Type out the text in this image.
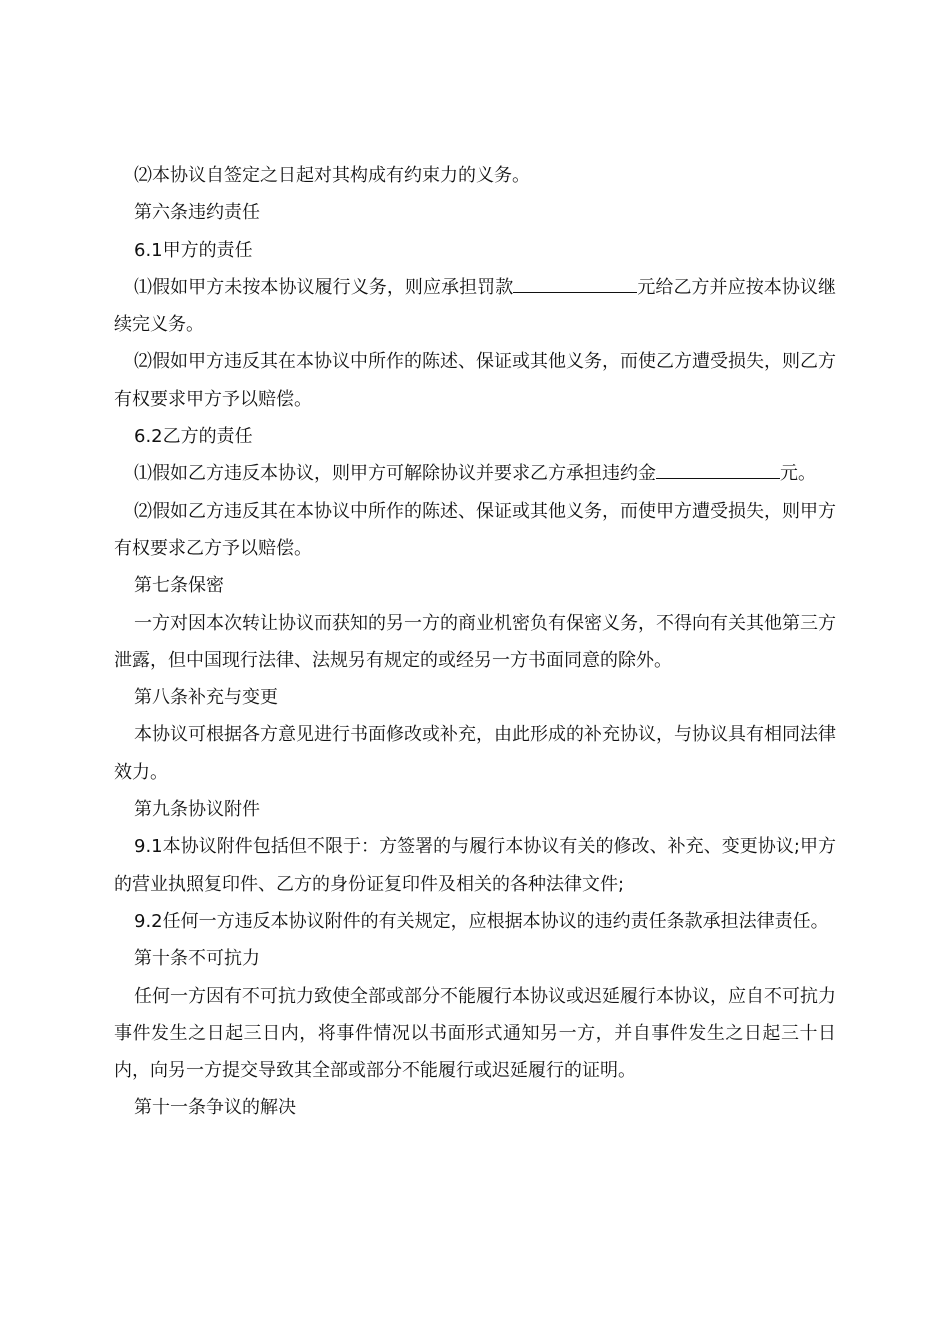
⑵本协议自签定之日起对其构成有约束力的义务。

第六条违约责任

6.1甲方的责任

⑴假如甲方未按本协议履行义务，则应承担罚款	元给乙方并应按本协议继续完义务。

⑵假如甲方违反其在本协议中所作的陈述、保证或其他义务，而使乙方遭受损失，则乙方有权要求甲方予以赔偿。

6.2乙方的责任

⑴假如乙方违反本协议，则甲方可解除协议并要求乙方承担违约金	元。

⑵假如乙方违反其在本协议中所作的陈述、保证或其他义务，而使甲方遭受损失，则甲方有权要求乙方予以赔偿。

第七条保密

一方对因本次转让协议而获知的另一方的商业机密负有保密义务，不得向有关其他第三方泄露，但中国现行法律、法规另有规定的或经另一方书面同意的除外。

第八条补充与变更

本协议可根据各方意见进行书面修改或补充，由此形成的补充协议，与协议具有相同法律效力。

第九条协议附件

9.1本协议附件包括但不限于：方签署的与履行本协议有关的修改、补充、变更协议;甲方的营业执照复印件、乙方的身份证复印件及相关的各种法律文件;

9.2任何一方违反本协议附件的有关规定，应根据本协议的违约责任条款承担法律责任。

第十条不可抗力

任何一方因有不可抗力致使全部或部分不能履行本协议或迟延履行本协议，应自不可抗力事件发生之日起三日内，将事件情况以书面形式通知另一方，并自事件发生之日起三十日内，向另一方提交导致其全部或部分不能履行或迟延履行的证明。

第十一条争议的解决
